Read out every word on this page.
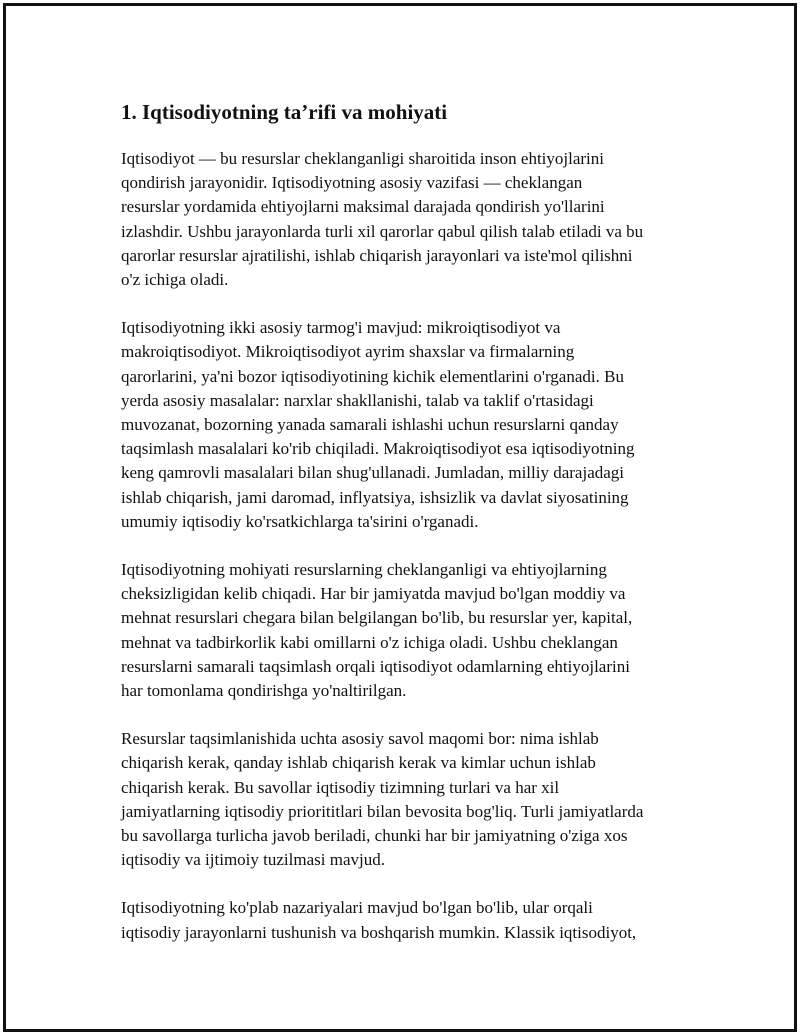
1. Iqtisodiyotning ta’rifi va mohiyati
Iqtisodiyot — bu resurslar cheklanganligi sharoitida inson ehtiyojlarini
qondirish jarayonidir. Iqtisodiyotning asosiy vazifasi — cheklangan
resurslar yordamida ehtiyojlarni maksimal darajada qondirish yo'llarini
izlashdir. Ushbu jarayonlarda turli xil qarorlar qabul qilish talab etiladi va bu
qarorlar resurslar ajratilishi, ishlab chiqarish jarayonlari va iste'mol qilishni
o'z ichiga oladi.
Iqtisodiyotning ikki asosiy tarmog'i mavjud: mikroiqtisodiyot va
makroiqtisodiyot. Mikroiqtisodiyot ayrim shaxslar va firmalarning
qarorlarini, ya'ni bozor iqtisodiyotining kichik elementlarini o'rganadi. Bu
yerda asosiy masalalar: narxlar shakllanishi, talab va taklif o'rtasidagi
muvozanat, bozorning yanada samarali ishlashi uchun resurslarni qanday
taqsimlash masalalari ko'rib chiqiladi. Makroiqtisodiyot esa iqtisodiyotning
keng qamrovli masalalari bilan shug'ullanadi. Jumladan, milliy darajadagi
ishlab chiqarish, jami daromad, inflyatsiya, ishsizlik va davlat siyosatining
umumiy iqtisodiy ko'rsatkichlarga ta'sirini o'rganadi.
Iqtisodiyotning mohiyati resurslarning cheklanganligi va ehtiyojlarning
cheksizligidan kelib chiqadi. Har bir jamiyatda mavjud bo'lgan moddiy va
mehnat resurslari chegara bilan belgilangan bo'lib, bu resurslar yer, kapital,
mehnat va tadbirkorlik kabi omillarni o'z ichiga oladi. Ushbu cheklangan
resurslarni samarali taqsimlash orqali iqtisodiyot odamlarning ehtiyojlarini
har tomonlama qondirishga yo'naltirilgan.
Resurslar taqsimlanishida uchta asosiy savol maqomi bor: nima ishlab
chiqarish kerak, qanday ishlab chiqarish kerak va kimlar uchun ishlab
chiqarish kerak. Bu savollar iqtisodiy tizimning turlari va har xil
jamiyatlarning iqtisodiy priorititlari bilan bevosita bog'liq. Turli jamiyatlarda
bu savollarga turlicha javob beriladi, chunki har bir jamiyatning o'ziga xos
iqtisodiy va ijtimoiy tuzilmasi mavjud.
Iqtisodiyotning ko'plab nazariyalari mavjud bo'lgan bo'lib, ular orqali
iqtisodiy jarayonlarni tushunish va boshqarish mumkin. Klassik iqtisodiyot,
